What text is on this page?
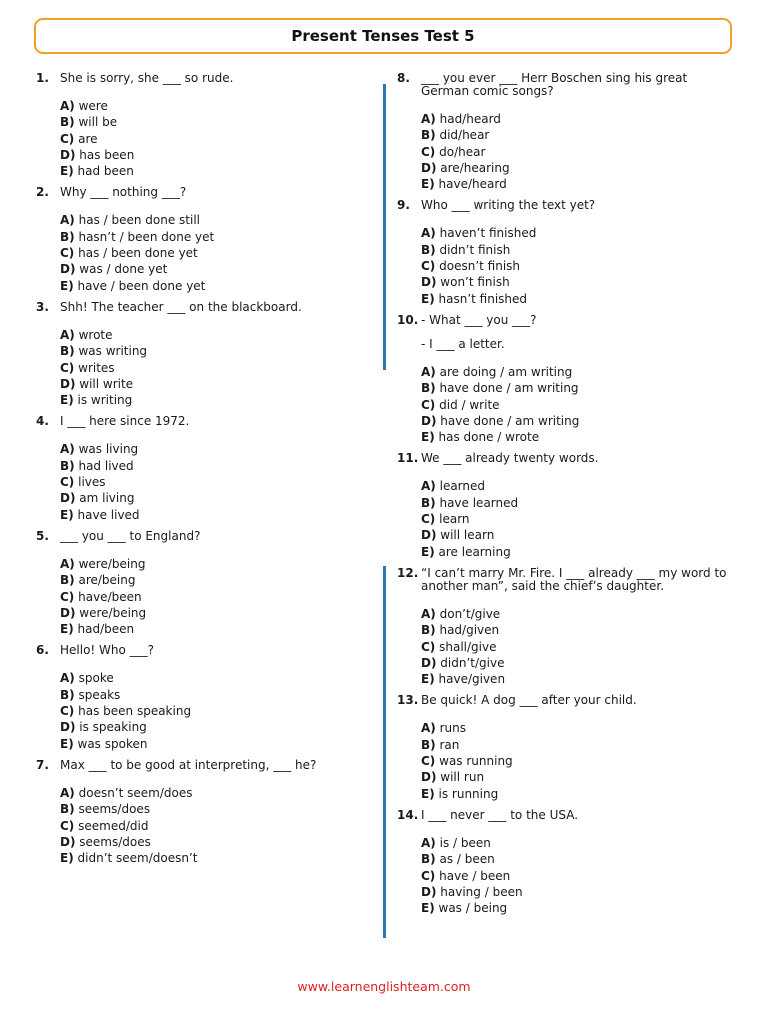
Present Tenses Test 5
1. She is sorry, she ___ so rude.
A) were
B) will be
C) are
D) has been
E) had been
2. Why ___ nothing ___?
A) has / been done still
B) hasn’t / been done yet
C) has / been done yet
D) was / done yet
E) have / been done yet
3. Shh! The teacher ___ on the blackboard.
A) wrote
B) was writing
C) writes
D) will write
E) is writing
4. I ___ here since 1972.
A) was living
B) had lived
C) lives
D) am living
E) have lived
5. ___ you ___ to England?
A) were/being
B) are/being
C) have/been
D) were/being
E) had/been
6. Hello! Who ___?
A) spoke
B) speaks
C) has been speaking
D) is speaking
E) was spoken
7. Max ___ to be good at interpreting, ___ he?
A) doesn’t seem/does
B) seems/does
C) seemed/did
D) seems/does
E) didn’t seem/doesn’t
8. ___ you ever ___ Herr Boschen sing his great German comic songs?
A) had/heard
B) did/hear
C) do/hear
D) are/hearing
E) have/heard
9. Who ___ writing the text yet?
A) haven’t finished
B) didn’t finish
C) doesn’t finish
D) won’t finish
E) hasn’t finished
10. - What ___ you ___?
- I ___ a letter.
A) are doing / am writing
B) have done / am writing
C) did / write
D) have done / am writing
E) has done / wrote
11. We ___ already twenty words.
A) learned
B) have learned
C) learn
D) will learn
E) are learning
12. “I can’t marry Mr. Fire. I ___ already ___ my word to another man”, said the chief’s daughter.
A) don’t/give
B) had/given
C) shall/give
D) didn’t/give
E) have/given
13. Be quick! A dog ___ after your child.
A) runs
B) ran
C) was running
D) will run
E) is running
14. I ___ never ___ to the USA.
A) is / been
B) as / been
C) have / been
D) having / been
E) was / being
www.learnenglishteam.com
